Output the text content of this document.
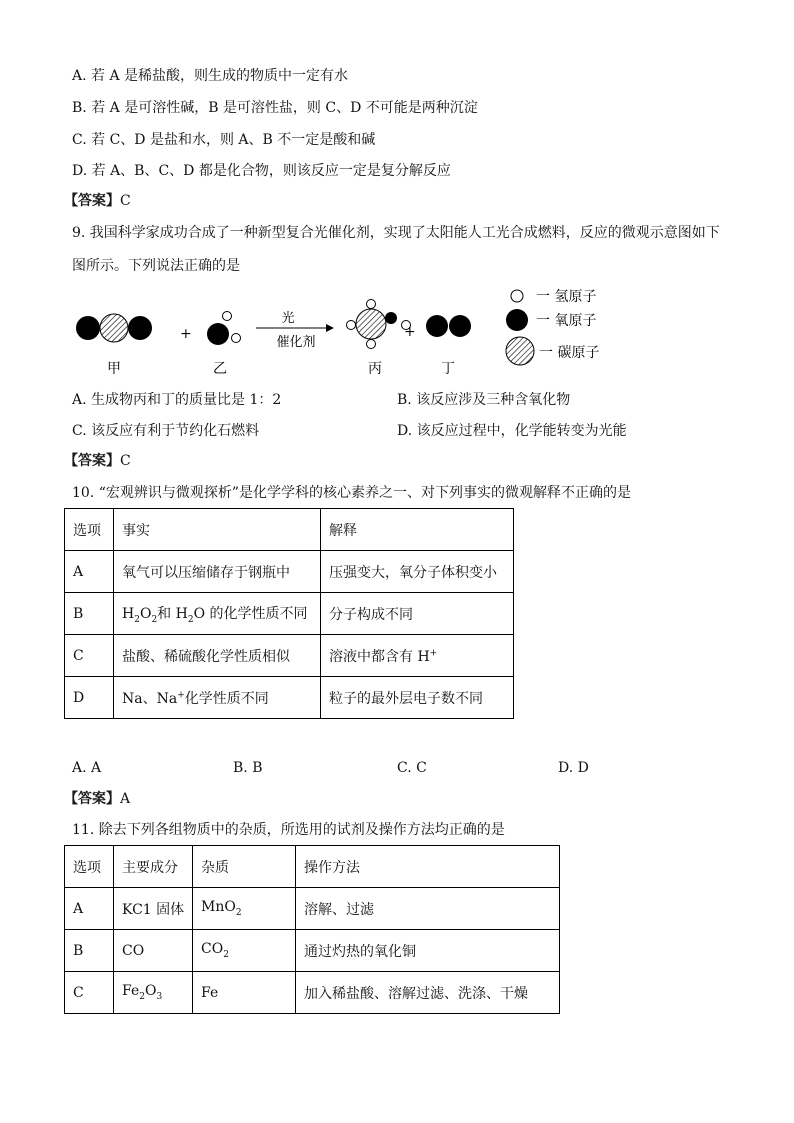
A. 若 A 是稀盐酸，则生成的物质中一定有水
B. 若 A 是可溶性碱，B 是可溶性盐，则 C、D 不可能是两种沉淀
C. 若 C、D 是盐和水，则 A、B 不一定是酸和碱
D. 若 A、B、C、D 都是化合物，则该反应一定是复分解反应
【答案】C
9. 我国科学家成功合成了一种新型复合光催化剂，实现了太阳能人工光合成燃料，反应的微观示意图如下
图所示。下列说法正确的是
+
光
催化剂
+
甲	乙	丙	丁
一 氢原子
一 氧原子
一 碳原子
A. 生成物丙和丁的质量比是 1：2	B. 该反应涉及三种含氧化物
C. 该反应有利于节约化石燃料	D. 该反应过程中，化学能转变为光能
【答案】C
10. “宏观辨识与微观探析”是化学学科的核心素养之一、对下列事实的微观解释不正确的是
选项	事实	解释
A	氧气可以压缩储存于钢瓶中	压强变大，氧分子体积变小
B	$H_2O_2$和 $H_2O$ 的化学性质不同	分子构成不同
C	盐酸、稀硫酸化学性质相似	溶液中都含有 H+
D	Na、Na+化学性质不同	粒子的最外层电子数不同
A. A	B. B	C. C	D. D
【答案】A
11. 除去下列各组物质中的杂质，所选用的试剂及操作方法均正确的是
选项	主要成分	杂质	操作方法
A	KC1 固体	MnO$_2$	溶解、过滤
B	CO	$CO_2$	通过灼热的氧化铜
C	$Fe_2O_3$	Fe	加入稀盐酸、溶解过滤、洗涤、干燥
